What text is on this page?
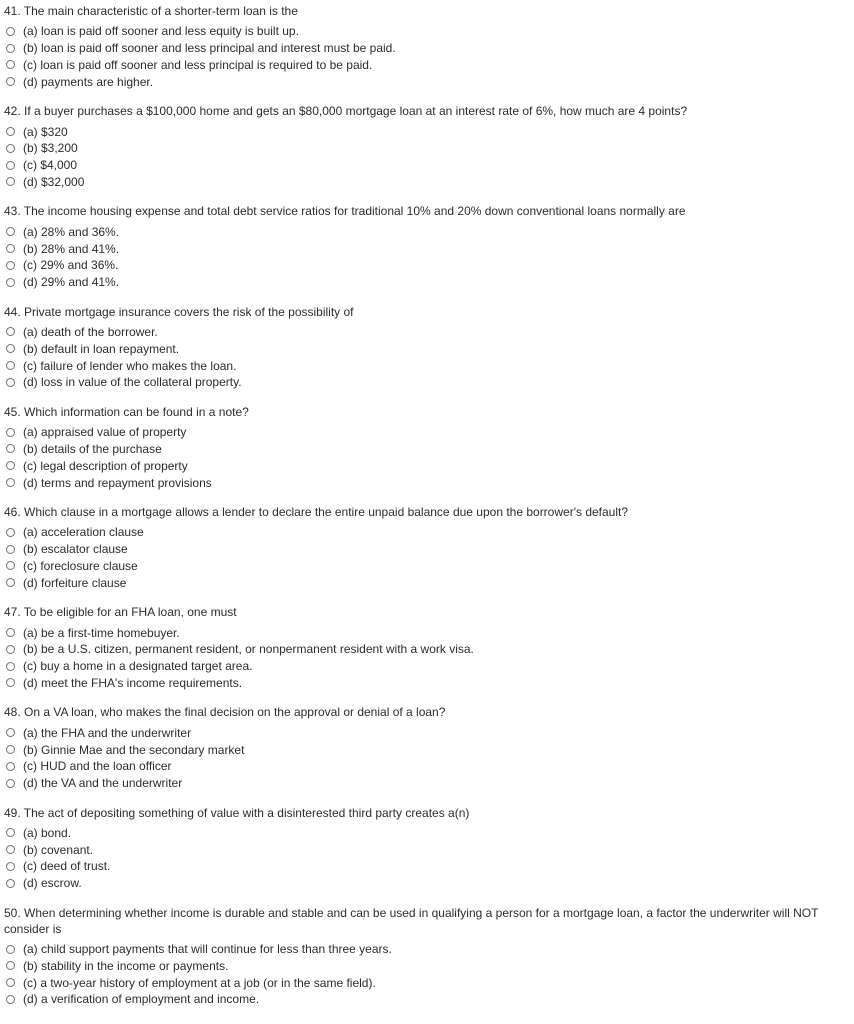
41. The main characteristic of a shorter-term loan is the
(a) loan is paid off sooner and less equity is built up.
(b) loan is paid off sooner and less principal and interest must be paid.
(c) loan is paid off sooner and less principal is required to be paid.
(d) payments are higher.
42. If a buyer purchases a $100,000 home and gets an $80,000 mortgage loan at an interest rate of 6%, how much are 4 points?
(a) $320
(b) $3,200
(c) $4,000
(d) $32,000
43. The income housing expense and total debt service ratios for traditional 10% and 20% down conventional loans normally are
(a) 28% and 36%.
(b) 28% and 41%.
(c) 29% and 36%.
(d) 29% and 41%.
44. Private mortgage insurance covers the risk of the possibility of
(a) death of the borrower.
(b) default in loan repayment.
(c) failure of lender who makes the loan.
(d) loss in value of the collateral property.
45. Which information can be found in a note?
(a) appraised value of property
(b) details of the purchase
(c) legal description of property
(d) terms and repayment provisions
46. Which clause in a mortgage allows a lender to declare the entire unpaid balance due upon the borrower's default?
(a) acceleration clause
(b) escalator clause
(c) foreclosure clause
(d) forfeiture clause
47. To be eligible for an FHA loan, one must
(a) be a first-time homebuyer.
(b) be a U.S. citizen, permanent resident, or nonpermanent resident with a work visa.
(c) buy a home in a designated target area.
(d) meet the FHA's income requirements.
48. On a VA loan, who makes the final decision on the approval or denial of a loan?
(a) the FHA and the underwriter
(b) Ginnie Mae and the secondary market
(c) HUD and the loan officer
(d) the VA and the underwriter
49. The act of depositing something of value with a disinterested third party creates a(n)
(a) bond.
(b) covenant.
(c) deed of trust.
(d) escrow.
50. When determining whether income is durable and stable and can be used in qualifying a person for a mortgage loan, a factor the underwriter will NOT consider is
(a) child support payments that will continue for less than three years.
(b) stability in the income or payments.
(c) a two-year history of employment at a job (or in the same field).
(d) a verification of employment and income.
